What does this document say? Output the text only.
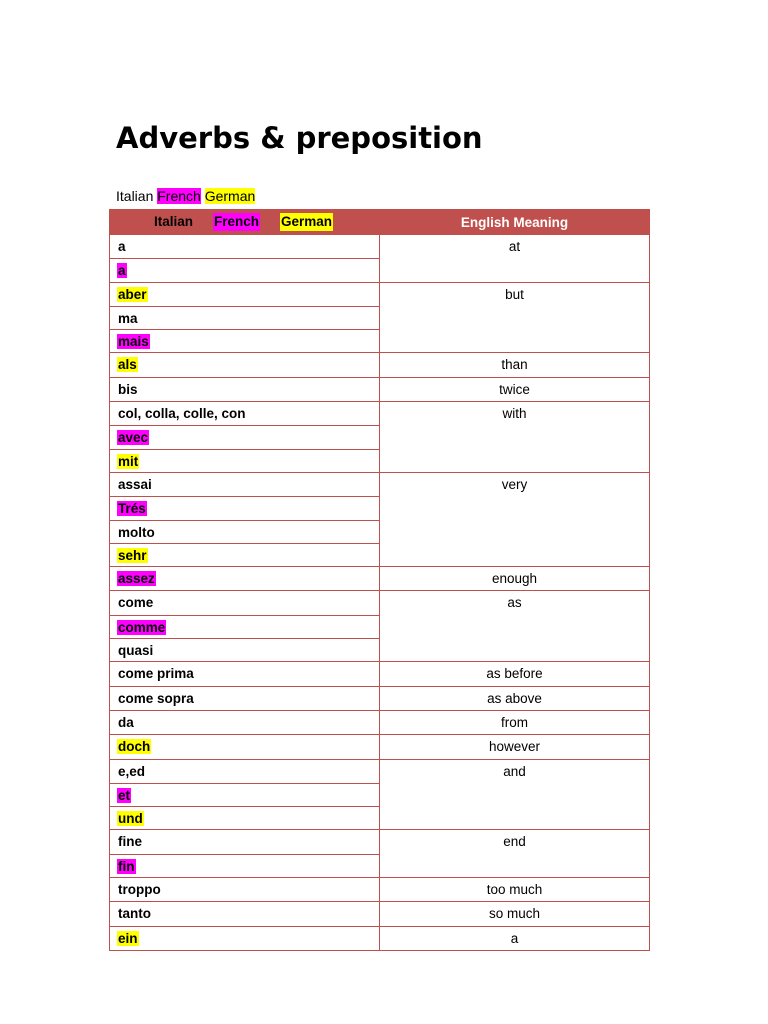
Adverbs & preposition
Italian French German
Italian French German	English Meaning

a
a	at

aber
ma
mais	but

als	than

bis	twice

col, colla, colle, con
avec
mit	with

assai
Trés
molto
sehr	very

assez	enough

come
comme
quasi	as

come prima	as before

come sopra	as above

da	from

doch	however

e,ed
et
und	and

fine
fin	end

troppo	too much

tanto	so much

ein	a
